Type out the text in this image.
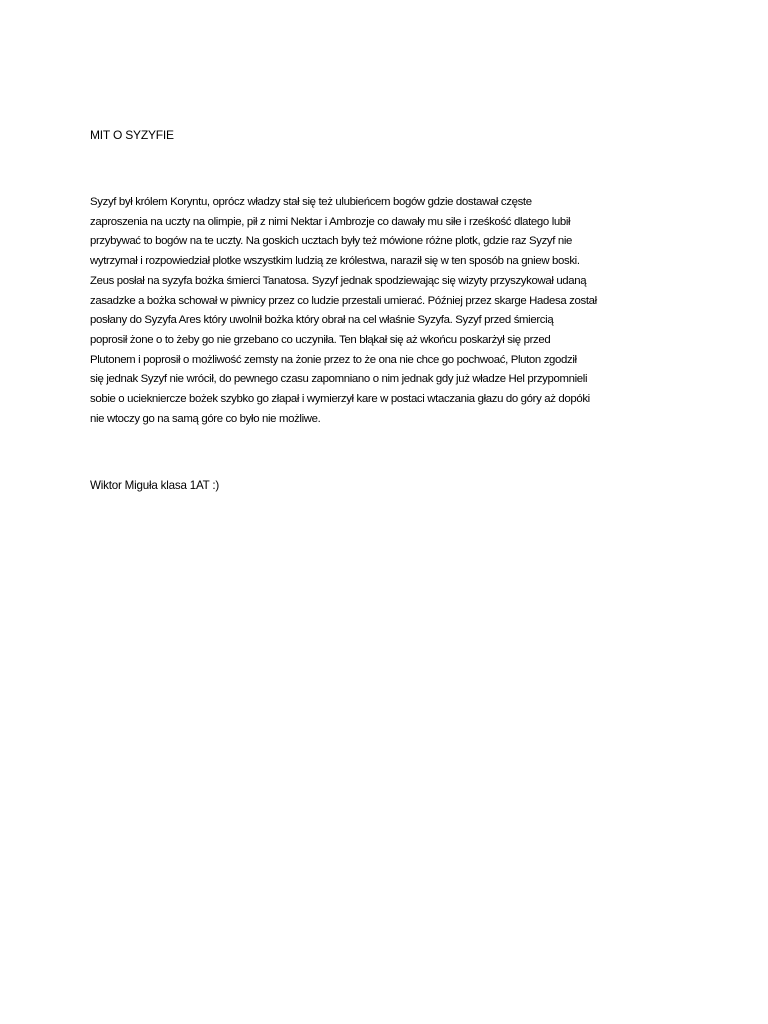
MIT O SYZYFIE
Syzyf był królem Koryntu, oprócz władzy stał się też ulubieńcem bogów gdzie dostawał częste
zaproszenia na uczty na olimpie, pił z nimi Nektar i Ambrozje co dawały mu siłe i rześkość dlatego lubił
przybywać to bogów na te uczty. Na goskich ucztach były też mówione różne plotk, gdzie raz Syzyf nie
wytrzymał i rozpowiedział plotke wszystkim ludzią ze królestwa, naraził się w ten sposób na gniew boski.
Zeus posłał na syzyfa bożka śmierci Tanatosa. Syzyf jednak spodziewając się wizyty przyszykował udaną
zasadzke a bożka schował w piwnicy przez co ludzie przestali umierać. Później przez skarge Hadesa został
posłany do Syzyfa Ares który uwolnił bożka który obrał na cel właśnie Syzyfa. Syzyf przed śmiercią
poprosił żone o to żeby go nie grzebano co uczyniła. Ten błąkał się aż wkońcu poskarżył się przed
Plutonem i poprosił o możliwość zemsty na żonie przez to że ona nie chce go pochwoać, Pluton zgodził
się jednak Syzyf nie wrócił, do pewnego czasu zapomniano o nim jednak gdy już władze Hel przypomnieli
sobie o uciekniercze bożek szybko go złapał i wymierzył kare w postaci wtaczania głazu do góry aż dopóki
nie wtoczy go na samą góre co było nie możliwe.

Wiktor Miguła klasa 1AT :)
